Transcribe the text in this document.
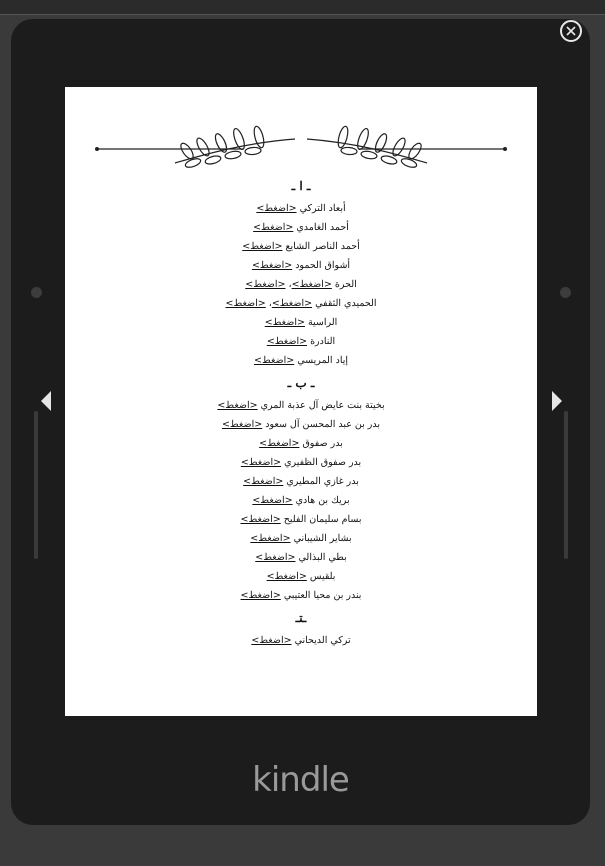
ـ ا ـ
أبعاد التركي <اضغط>
أحمد الغامدي <اضغط>
أحمد الناصر الشايع <اضغط>
أشواق الحمود <اضغط>
الحرة <اضغط>، <اضغط>
الحميدي الثقفي <اضغط>، <اضغط>
الراسية <اضغط>
النادرة <اضغط>
إياد المريسي <اضغط>
ـ ب ـ
بخيتة بنت عايض آل عذبة المري <اضغط>
بدر بن عبد المحسن آل سعود <اضغط>
بدر صفوق <اضغط>
بدر صفوق الظفيري <اضغط>
بدر غازي المطيري <اضغط>
بريك بن هادي <اضغط>
بسام سليمان الفليح <اضغط>
بشاير الشيباني <اضغط>
بطي البذالي <اضغط>
بلقيس <اضغط>
بندر بن محيا العتيبي <اضغط>
ـتـ
تركي الديحاني <اضغط>
kindle
